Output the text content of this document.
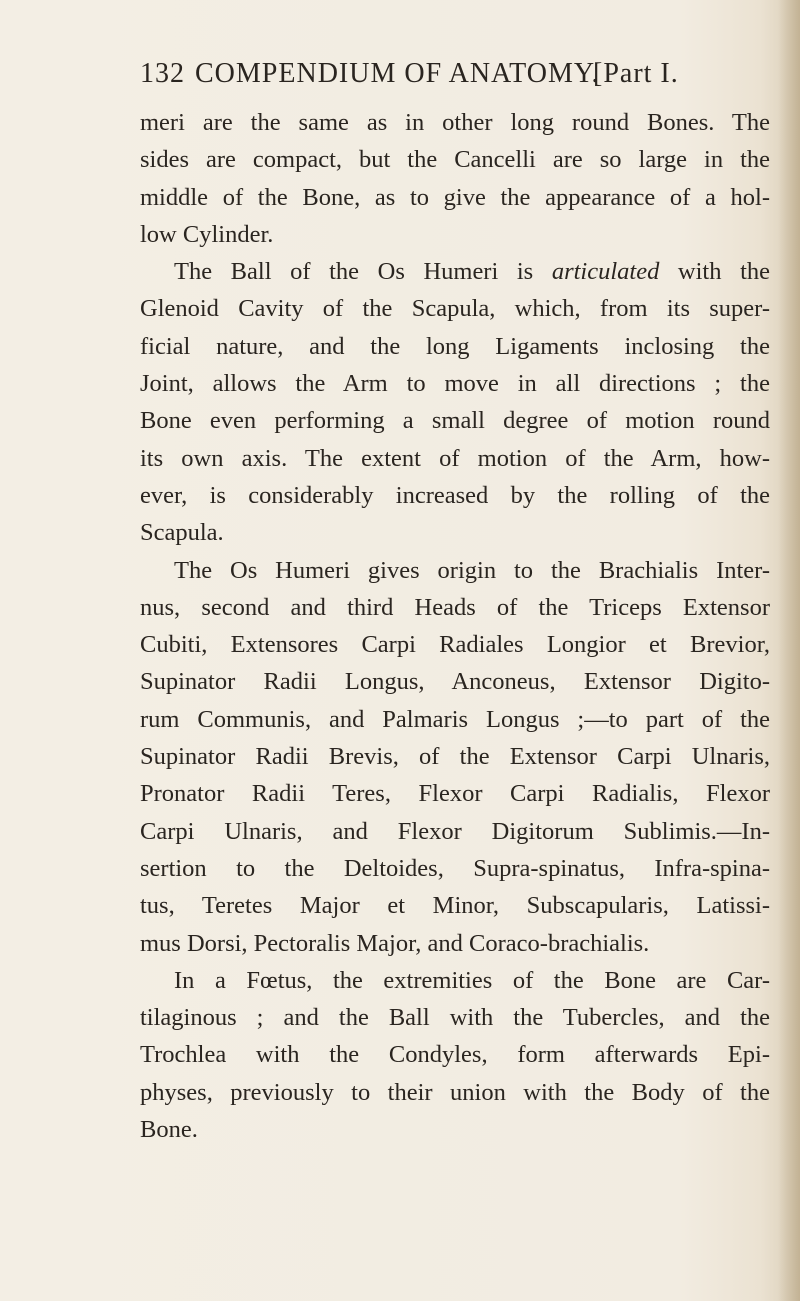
132 COMPENDIUM OF ANATOMY.
[Part I.
meri are the same as in other long round Bones. The
sides are compact, but the Cancelli are so large in the
middle of the Bone, as to give the appearance of a hol-
low Cylinder.
The Ball of the Os Humeri is articulated with the
Glenoid Cavity of the Scapula, which, from its super-
ficial nature, and the long Ligaments inclosing the
Joint, allows the Arm to move in all directions ; the
Bone even performing a small degree of motion round
its own axis. The extent of motion of the Arm, how-
ever, is considerably increased by the rolling of the
Scapula.
The Os Humeri gives origin to the Brachialis Inter-
nus, second and third Heads of the Triceps Extensor
Cubiti, Extensores Carpi Radiales Longior et Brevior,
Supinator Radii Longus, Anconeus, Extensor Digito-
rum Communis, and Palmaris Longus ;—to part of the
Supinator Radii Brevis, of the Extensor Carpi Ulnaris,
Pronator Radii Teres, Flexor Carpi Radialis, Flexor
Carpi Ulnaris, and Flexor Digitorum Sublimis.—In-
sertion to the Deltoides, Supra-spinatus, Infra-spina-
tus, Teretes Major et Minor, Subscapularis, Latissi-
mus Dorsi, Pectoralis Major, and Coraco-brachialis.
In a Fœtus, the extremities of the Bone are Car-
tilaginous ; and the Ball with the Tubercles, and the
Trochlea with the Condyles, form afterwards Epi-
physes, previously to their union with the Body of the
Bone.
